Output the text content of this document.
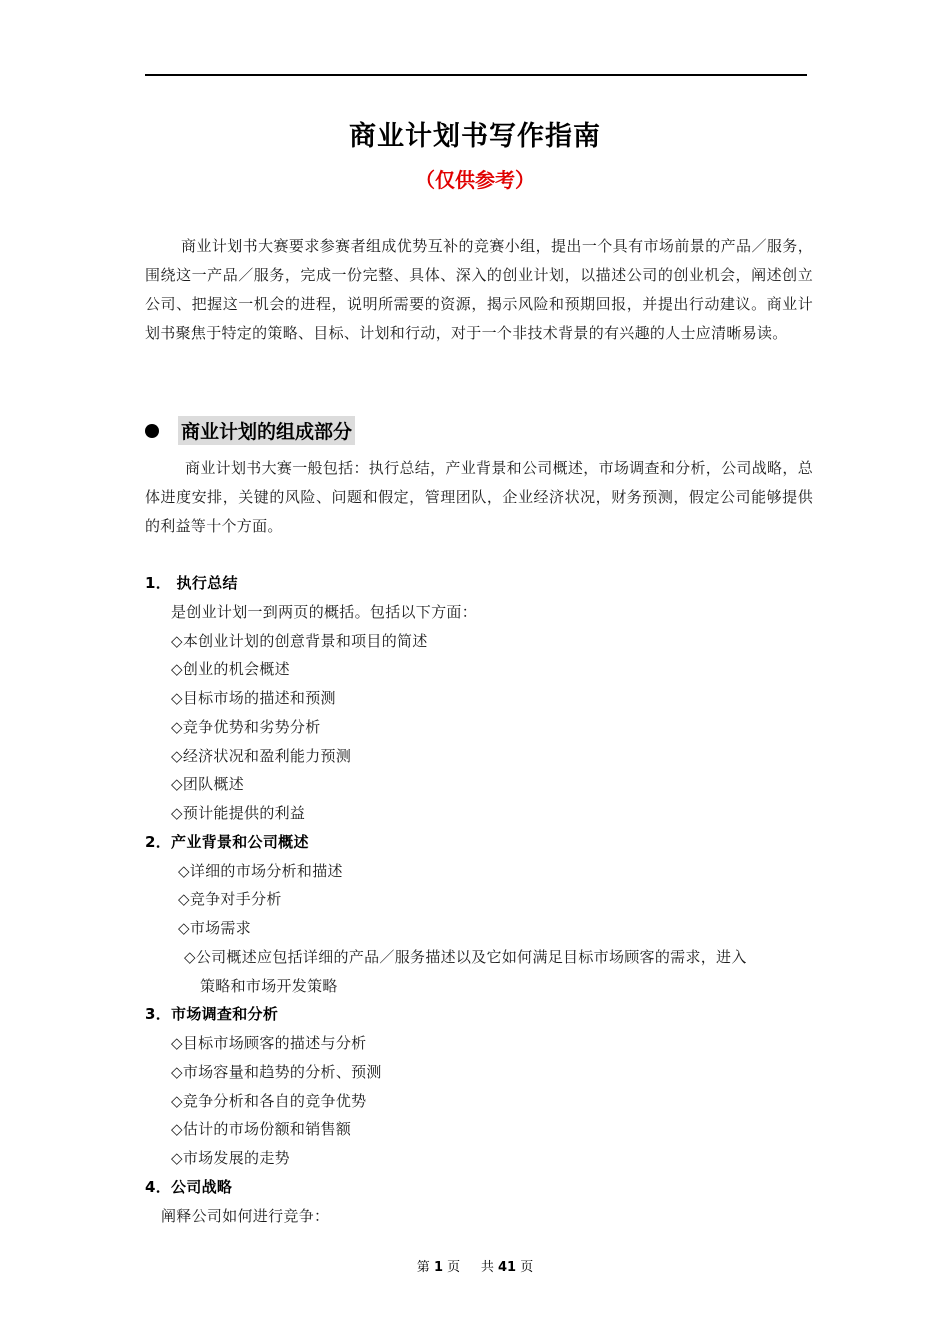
商业计划书写作指南
（仅供参考）

商业计划书大赛要求参赛者组成优势互补的竞赛小组，提出一个具有市场前景的产品／服务，围绕这一产品／服务，完成一份完整、具体、深入的创业计划，以描述公司的创业机会，阐述创立公司、把握这一机会的进程，说明所需要的资源，揭示风险和预期回报，并提出行动建议。商业计划书聚焦于特定的策略、目标、计划和行动，对于一个非技术背景的有兴趣的人士应清晰易读。

商业计划的组成部分

商业计划书大赛一般包括：执行总结，产业背景和公司概述，市场调查和分析，公司战略，总体进度安排，关键的风险、问题和假定，管理团队，企业经济状况，财务预测，假定公司能够提供的利益等十个方面。

1． 执行总结
是创业计划一到两页的概括。包括以下方面：
◇本创业计划的创意背景和项目的简述
◇创业的机会概述
◇目标市场的描述和预测
◇竞争优势和劣势分析
◇经济状况和盈利能力预测
◇团队概述
◇预计能提供的利益
2．产业背景和公司概述
◇详细的市场分析和描述
◇竞争对手分析
◇市场需求
◇公司概述应包括详细的产品／服务描述以及它如何满足目标市场顾客的需求，进入
策略和市场开发策略
3．市场调查和分析
◇目标市场顾客的描述与分析
◇市场容量和趋势的分析、预测
◇竞争分析和各自的竞争优势
◇估计的市场份额和销售额
◇市场发展的走势
4．公司战略
阐释公司如何进行竞争：
第 1 页 共 41 页
